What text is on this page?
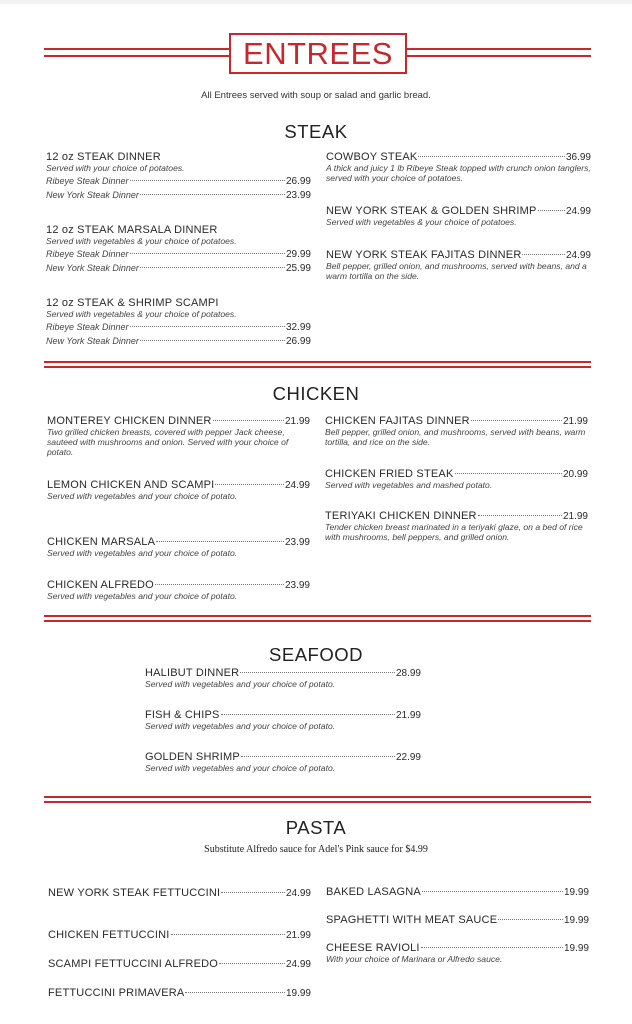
ENTREES
All Entrees served with soup or salad and garlic bread.
STEAK
12 oz STEAK DINNER
Served with your choice of potatoes.
Ribeye Steak Dinner	26.99
New York Steak Dinner	23.99
12 oz STEAK MARSALA DINNER
Served with vegetables & your choice of potatoes.
Ribeye Steak Dinner	29.99
New York Steak Dinner	25.99
12 oz STEAK & SHRIMP SCAMPI
Served with vegetables & your choice of potatoes.
Ribeye Steak Dinner	32.99
New York Steak Dinner	26.99
COWBOY STEAK	36.99
A thick and juicy 1 lb Ribeye Steak topped with crunch onion tanglers, served with your choice of potatoes.
NEW YORK STEAK & GOLDEN SHRIMP	24.99
Served with vegetables & your choice of potatoes.
NEW YORK STEAK FAJITAS DINNER	24.99
Bell pepper, grilled onion, and mushrooms, served with beans, and a warm tortilla on the side.
CHICKEN
MONTEREY CHICKEN DINNER	21.99
Two grilled chicken breasts, covered with pepper Jack cheese, sauteed with mushrooms and onion. Served with your choice of potato.
LEMON CHICKEN AND SCAMPI	24.99
Served with vegetables and your choice of potato.
CHICKEN MARSALA	23.99
Served with vegetables and your choice of potato.
CHICKEN ALFREDO	23.99
Served with vegetables and your choice of potato.
CHICKEN FAJITAS DINNER	21.99
Bell pepper, grilled onion, and mushrooms, served with beans, warm tortilla, and rice on the side.
CHICKEN FRIED STEAK	20.99
Served with vegetables and mashed potato.
TERIYAKI CHICKEN DINNER	21.99
Tender chicken breast marinated in a teriyaki glaze, on a bed of rice with mushrooms, bell peppers, and grilled onion.
SEAFOOD
HALIBUT DINNER	28.99
Served with vegetables and your choice of potato.
FISH & CHIPS	21.99
Served with vegetables and your choice of potato.
GOLDEN SHRIMP	22.99
Served with vegetables and your choice of potato.
PASTA
Substitute Alfredo sauce for Adel's Pink sauce for $4.99
NEW YORK STEAK FETTUCCINI	24.99
CHICKEN FETTUCCINI	21.99
SCAMPI FETTUCCINI ALFREDO	24.99
FETTUCCINI PRIMAVERA	19.99
BAKED LASAGNA	19.99
SPAGHETTI WITH MEAT SAUCE	19.99
CHEESE RAVIOLI	19.99
With your choice of Marinara or Alfredo sauce.
